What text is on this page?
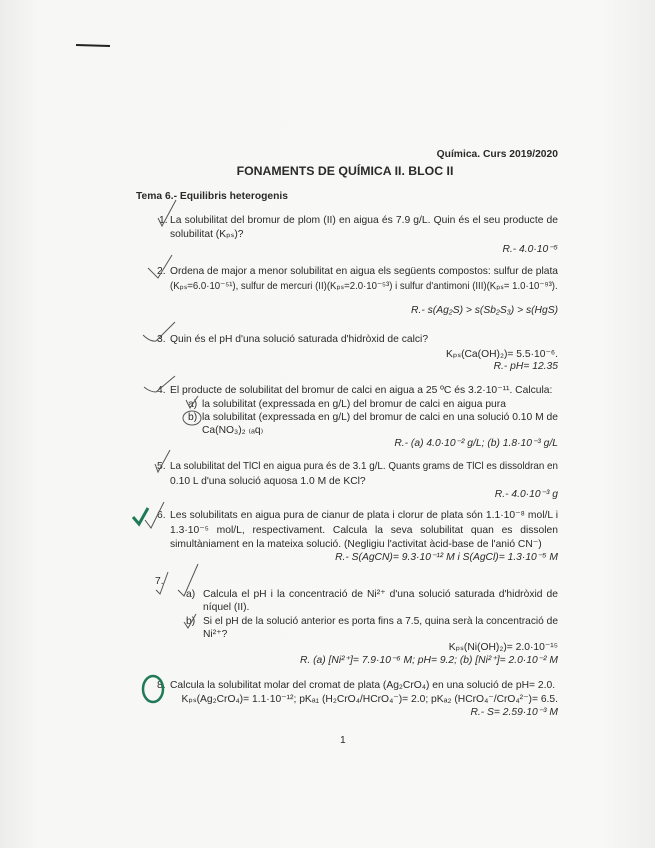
Química. Curs 2019/2020
FONAMENTS DE QUÍMICA II. BLOC II
Tema 6.- Equilibris heterogenis
1. La solubilitat del bromur de plom (II) en aigua és 7.9 g/L. Quin és el seu producte de
solubilitat (Kₚₛ)?
R.- 4.0·10⁻⁵
2. Ordena de major a menor solubilitat en aigua els següents compostos: sulfur de plata
(Kₚₛ=6.0·10⁻⁵¹), sulfur de mercuri (II)(Kₚₛ=2.0·10⁻⁵³) i sulfur d'antimoni (III)(Kₚₛ= 1.0·10⁻⁹³).
R.- s(Ag₂S) > s(Sb₂S₃) > s(HgS)
3. Quin és el pH d'una solució saturada d'hidròxid de calci?
Kₚₛ(Ca(OH)₂)= 5.5·10⁻⁶.
R.- pH= 12.35
4. El producte de solubilitat del bromur de calci en aigua a 25 ºC és 3.2·10⁻¹¹. Calcula:
a) la solubilitat (expressada en g/L) del bromur de calci en aigua pura
b) la solubilitat (expressada en g/L) del bromur de calci en una solució 0.10 M de
Ca(NO₃)₂ ₍ₐq₎
R.- (a) 4.0·10⁻² g/L; (b) 1.8·10⁻³ g/L
5. La solubilitat del TlCl en aigua pura és de 3.1 g/L. Quants grams de TlCl es dissoldran en
0.10 L d'una solució aquosa 1.0 M de KCl?
R.- 4.0·10⁻³ g
6. Les solubilitats en aigua pura de cianur de plata i clorur de plata són 1.1·10⁻⁸ mol/L i
1.3·10⁻⁵ mol/L, respectivament. Calcula la seva solubilitat quan es dissolen
simultàniament en la mateixa solució. (Negligiu l'activitat àcid-base de l'anió CN⁻)
R.- S(AgCN)= 9.3·10⁻¹² M i S(AgCl)= 1.3·10⁻⁵ M
7.
a) Calcula el pH i la concentració de Ni²⁺ d'una solució saturada d'hidròxid de
níquel (II).
b) Si el pH de la solució anterior es porta fins a 7.5, quina serà la concentració de
Ni²⁺?
Kₚₛ(Ni(OH)₂)= 2.0·10⁻¹⁵
R. (a) [Ni²⁺]= 7.9·10⁻⁶ M; pH= 9.2; (b) [Ni²⁺]= 2.0·10⁻² M
8. Calcula la solubilitat molar del cromat de plata (Ag₂CrO₄) en una solució de pH= 2.0.
Kₚₛ(Ag₂CrO₄)= 1.1·10⁻¹²; pKₐ₁ (H₂CrO₄/HCrO₄⁻)= 2.0; pKₐ₂ (HCrO₄⁻/CrO₄²⁻)= 6.5.
R.- S= 2.59·10⁻³ M
1
